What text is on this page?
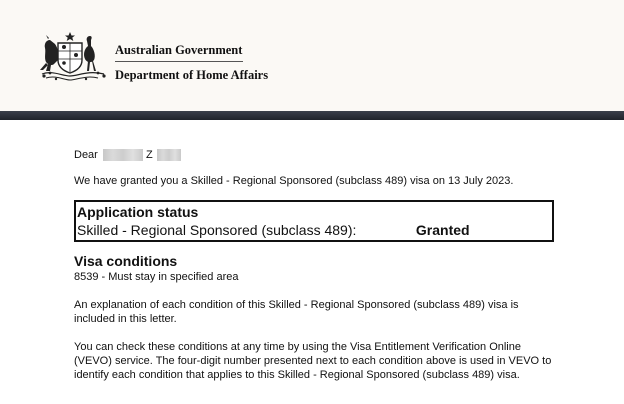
Australian Government
Department of Home Affairs
Dear	Z

We have granted you a Skilled - Regional Sponsored (subclass 489) visa on 13 July 2023.

Application status
Skilled - Regional Sponsored (subclass 489):	Granted
Visa conditions
8539 - Must stay in specified area

An explanation of each condition of this Skilled - Regional Sponsored (subclass 489) visa is included in this letter.

You can check these conditions at any time by using the Visa Entitlement Verification Online (VEVO) service. The four-digit number presented next to each condition above is used in VEVO to identify each condition that applies to this Skilled - Regional Sponsored (subclass 489) visa.
